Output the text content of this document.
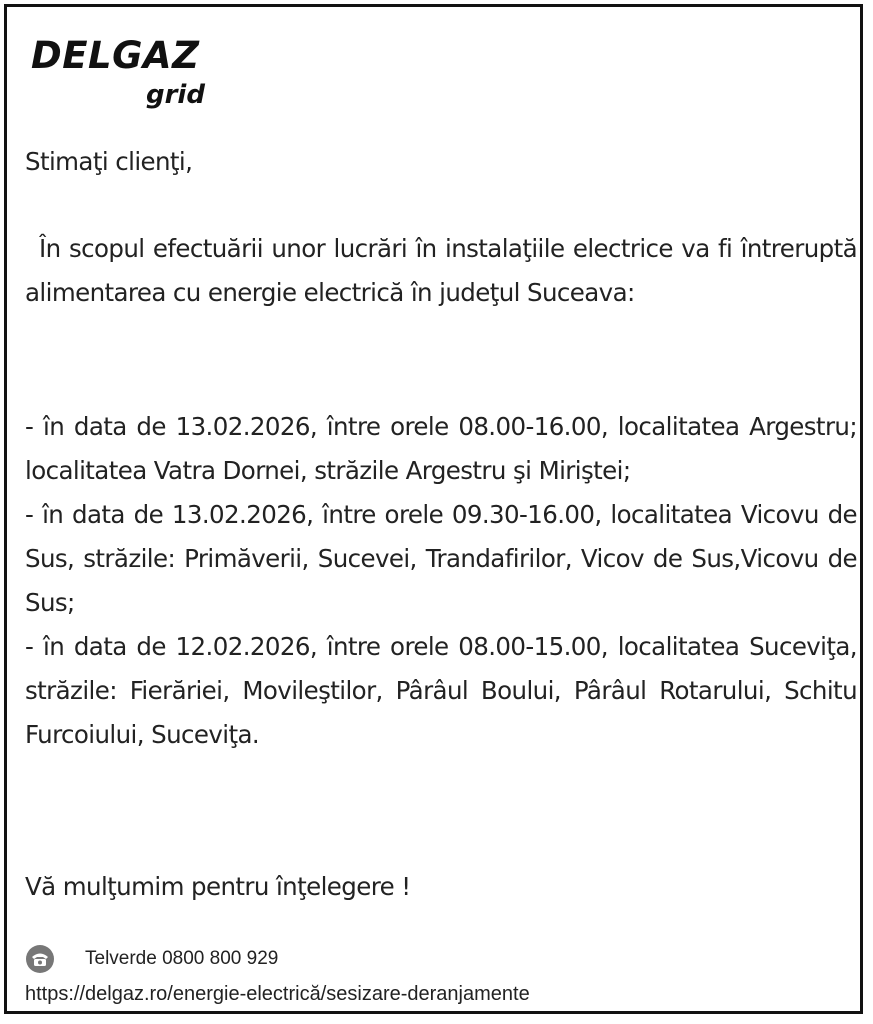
DELGAZ
grid
Stimaţi clienţi,
În scopul efectuării unor lucrări în instalaţiile electrice va fi întreruptă alimentarea cu energie electrică în judeţul Suceava:

- în data de 13.02.2026, între orele 08.00-16.00, localitatea Argestru; localitatea Vatra Dornei, străzile Argestru şi Miriştei;

- în data de 13.02.2026, între orele 09.30-16.00, localitatea Vicovu de Sus, străzile: Primăverii, Sucevei, Trandafirilor, Vicov de Sus,Vicovu de Sus;

- în data de 12.02.2026, între orele 08.00-15.00, localitatea Suceviţa, străzile: Fierăriei, Movileştilor, Pârâul Boului, Pârâul Rotarului, Schitu Furcoiului, Suceviţa.

Vă mulţumim pentru înţelegere !
Telverde 0800 800 929
https://delgaz.ro/energie-electrică/sesizare-deranjamente
